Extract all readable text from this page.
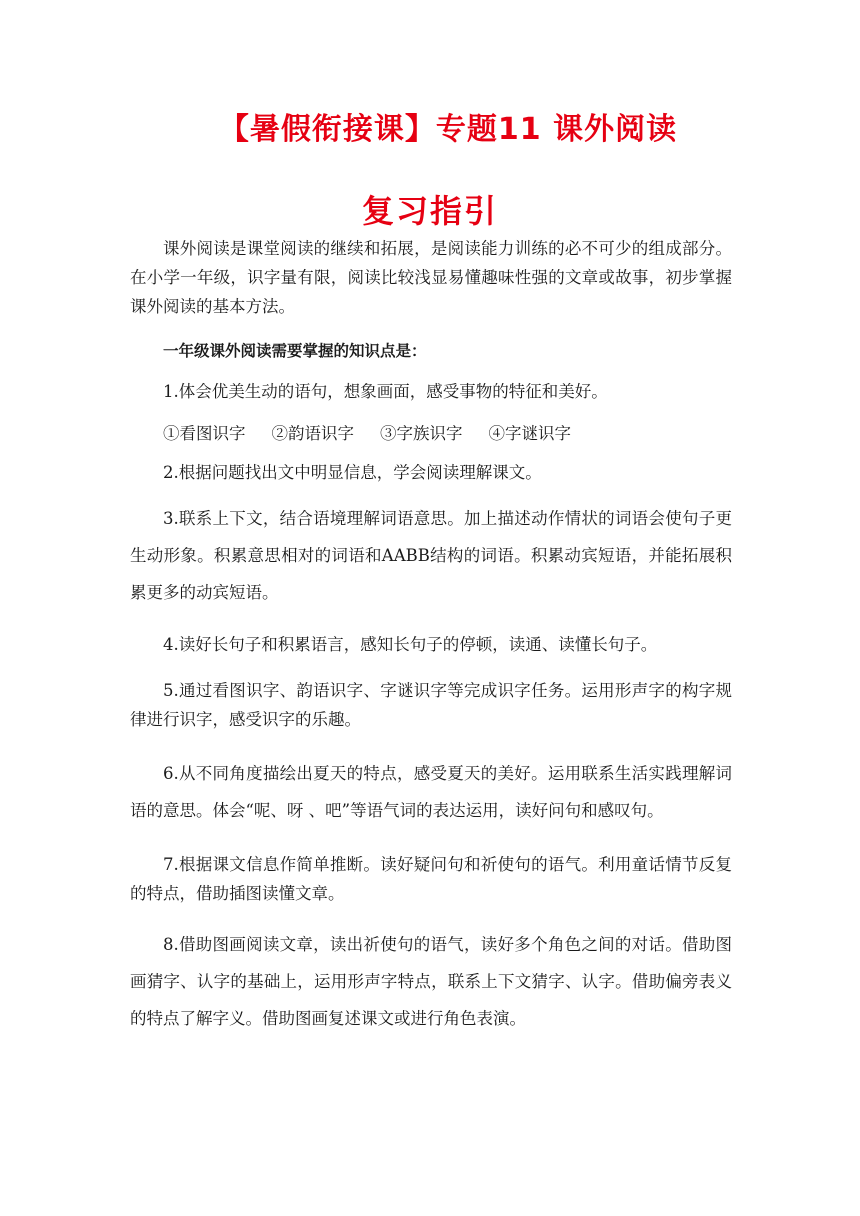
【暑假衔接课】专题11 课外阅读
复习指引

课外阅读是课堂阅读的继续和拓展，是阅读能力训练的必不可少的组成部分。在小学一年级，识字量有限，阅读比较浅显易懂趣味性强的文章或故事，初步掌握课外阅读的基本方法。

一年级课外阅读需要掌握的知识点是：

1.体会优美生动的语句，想象画面，感受事物的特征和美好。

①看图识字 ②韵语识字 ③字族识字 ④字谜识字

2.根据问题找出文中明显信息，学会阅读理解课文。

3.联系上下文，结合语境理解词语意思。加上描述动作情状的词语会使句子更生动形象。积累意思相对的词语和AABB结构的词语。积累动宾短语，并能拓展积累更多的动宾短语。

4.读好长句子和积累语言，感知长句子的停顿，读通、读懂长句子。

5.通过看图识字、韵语识字、字谜识字等完成识字任务。运用形声字的构字规律进行识字，感受识字的乐趣。

6.从不同角度描绘出夏天的特点，感受夏天的美好。运用联系生活实践理解词语的意思。体会“呢、呀 、吧”等语气词的表达运用，读好问句和感叹句。

7.根据课文信息作简单推断。读好疑问句和祈使句的语气。利用童话情节反复的特点，借助插图读懂文章。

8.借助图画阅读文章，读出祈使句的语气，读好多个角色之间的对话。借助图画猜字、认字的基础上，运用形声字特点，联系上下文猜字、认字。借助偏旁表义的特点了解字义。借助图画复述课文或进行角色表演。
